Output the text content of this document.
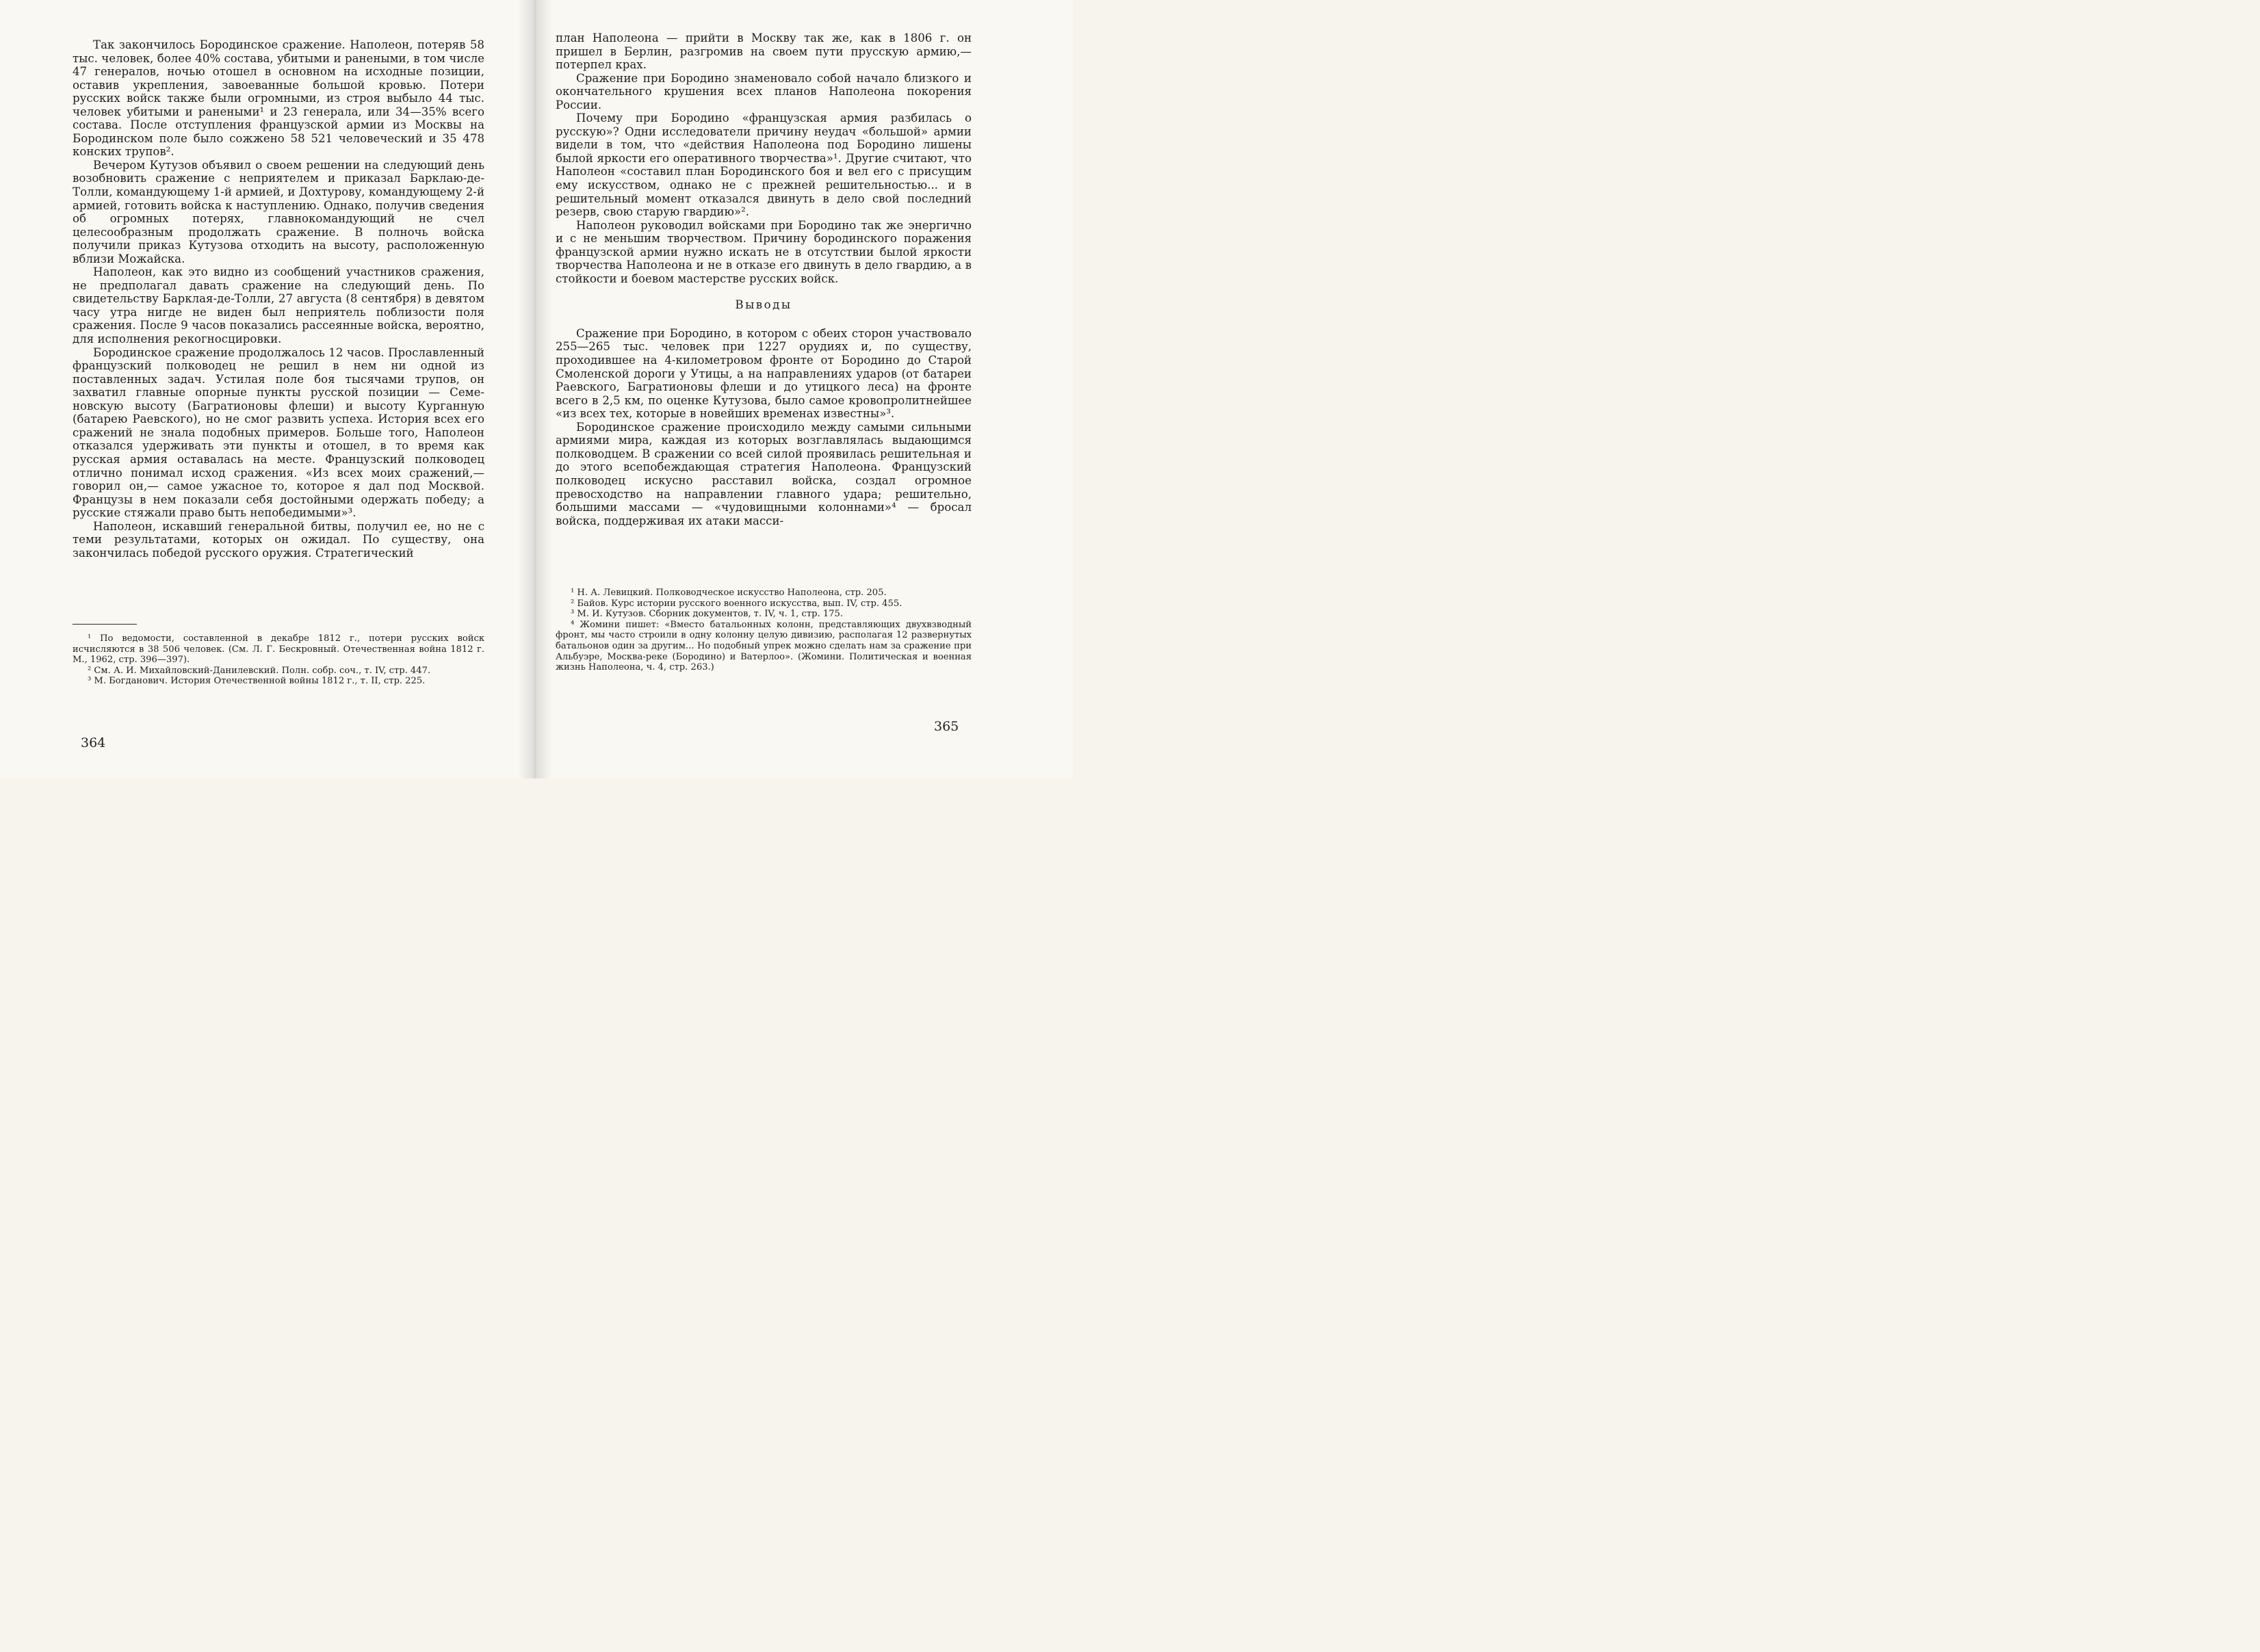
Так закончилось Бородинское сражение. Наполеон, потеряв 58 тыс. человек, более 40% состава, убитыми и ранеными, в том числе 47 генералов, ночью отошел в основном на исходные позиции, оставив укрепления, завоеванные большой кровью. Потери русских войск также были огромными, из строя выбыло 44 тыс. человек убитыми и ранеными¹ и 23 генерала, или 34—35% всего состава. После отступления французской армии из Москвы на Бородинском поле было сожжено 58 521 человеческий и 35 478 конских трупов².

Вечером Кутузов объявил о своем решении на следующий день возобновить сражение с неприятелем и приказал Барклаю-де-Толли, командующему 1-й армией, и Дохтурову, командующему 2-й армией, готовить войска к наступлению. Однако, получив сведения об огромных потерях, главнокомандующий не счел целесообразным продолжать сражение. В полночь войска получили приказ Кутузова отходить на высоту, расположенную вблизи Можайска.

Наполеон, как это видно из сообщений участников сражения, не предполагал давать сражение на следующий день. По свидетельству Барклая-де-Толли, 27 августа (8 сентября) в девятом часу утра нигде не виден был неприятель поблизости поля сражения. После 9 часов показались рассеянные войска, вероятно, для исполнения рекогносцировки.

Бородинское сражение продолжалось 12 часов. Прославленный французский полководец не решил в нем ни одной из поставленных задач. Устилая поле боя тысячами трупов, он захватил главные опорные пункты русской позиции — Семеновскую высоту (Багратионовы флеши) и высоту Курганную (батарею Раевского), но не смог развить успеха. История всех его сражений не знала подобных примеров. Больше того, Наполеон отказался удерживать эти пункты и отошел, в то время как русская армия оставалась на месте. Французский полководец отлично понимал исход сражения. «Из всех моих сражений,— говорил он,— самое ужасное то, которое я дал под Москвой. Французы в нем показали себя достойными одержать победу; а русские стяжали право быть непобедимыми»³.

Наполеон, искавший генеральной битвы, получил ее, но не с теми результатами, которых он ожидал. По существу, она закончилась победой русского оружия. Стратегический

¹ По ведомости, составленной в декабре 1812 г., потери русских войск исчисляются в 38 506 человек. (См. Л. Г. Бескровный. Отечественная война 1812 г. М., 1962, стр. 396—397).

² См. А. И. Михайловский-Данилевский. Полн. собр. соч., т. IV, стр. 447.

³ М. Богданович. История Отечественной войны 1812 г., т. II, стр. 225.

364

план Наполеона — прийти в Москву так же, как в 1806 г. он пришел в Берлин, разгромив на своем пути прусскую армию,— потерпел крах.

Сражение при Бородино знаменовало собой начало близкого и окончательного крушения всех планов Наполеона покорения России.

Почему при Бородино «французская армия разбилась о русскую»? Одни исследователи причину неудач «большой» армии видели в том, что «действия Наполеона под Бородино лишены былой яркости его оперативного творчества»¹. Другие считают, что Наполеон «составил план Бородинского боя и вел его с присущим ему искусством, однако не с прежней решительностью... и в решительный момент отказался двинуть в дело свой последний резерв, свою старую гвардию»².

Наполеон руководил войсками при Бородино так же энергично и с не меньшим творчеством. Причину бородинского поражения французской армии нужно искать не в отсутствии былой яркости творчества Наполеона и не в отказе его двинуть в дело гвардию, а в стойкости и боевом мастерстве русских войск.

Выводы

Сражение при Бородино, в котором с обеих сторон участвовало 255—265 тыс. человек при 1227 орудиях и, по существу, проходившее на 4-километровом фронте от Бородино до Старой Смоленской дороги у Утицы, а на направлениях ударов (от батареи Раевского, Багратионовы флеши и до утицкого леса) на фронте всего в 2,5 км, по оценке Кутузова, было самое кровопролитнейшее «из всех тех, которые в новейших временах известны»³.

Бородинское сражение происходило между самыми сильными армиями мира, каждая из которых возглавлялась выдающимся полководцем. В сражении со всей силой проявилась решительная и до этого всепобеждающая стратегия Наполеона. Французский полководец искусно расставил войска, создал огромное превосходство на направлении главного удара; решительно, большими массами — «чудовищными колоннами»⁴ — бросал войска, поддерживая их атаки масси-

¹ Н. А. Левицкий. Полководческое искусство Наполеона, стр. 205.

² Байов. Курс истории русского военного искусства, вып. IV, стр. 455.

³ М. И. Кутузов. Сборник документов, т. IV, ч. 1, стр. 175.

⁴ Жомини пишет: «Вместо батальонных колонн, представляющих двухвзводный фронт, мы часто строили в одну колонну целую дивизию, располагая 12 развернутых батальонов один за другим... Но подобный упрек можно сделать нам за сражение при Альбуэре, Москва-реке (Бородино) и Ватерлоо». (Жомини. Политическая и военная жизнь Наполеона, ч. 4, стр. 263.)

365
